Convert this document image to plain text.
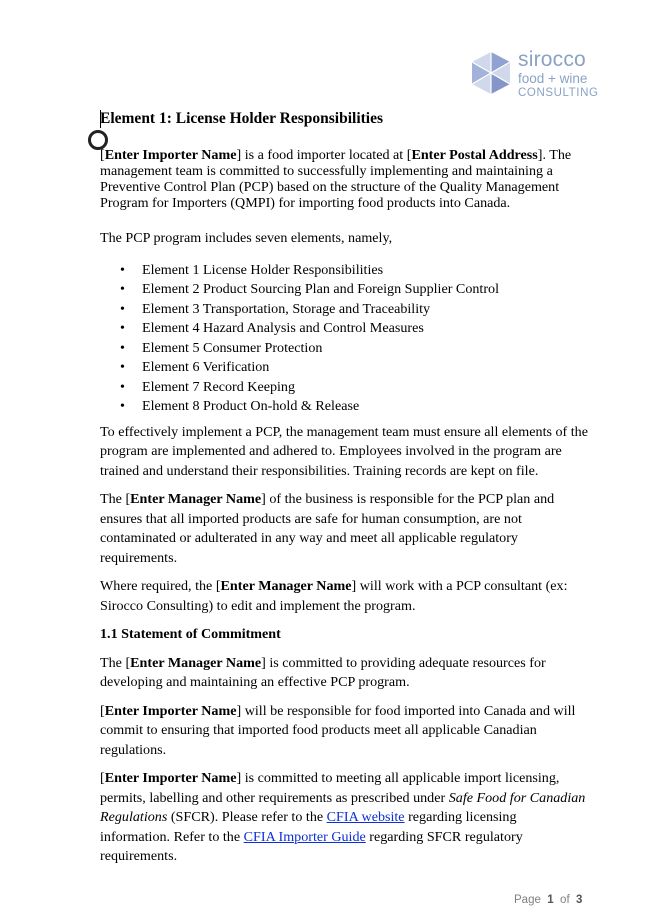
sirocco
food + wine
CONSULTING
Element 1: License Holder Responsibilities

[Enter Importer Name] is a food importer located at [Enter Postal Address]. The management team is committed to successfully implementing and maintaining a Preventive Control Plan (PCP) based on the structure of the Quality Management Program for Importers (QMPI) for importing food products into Canada.

The PCP program includes seven elements, namely,

• Element 1 License Holder Responsibilities
• Element 2 Product Sourcing Plan and Foreign Supplier Control
• Element 3 Transportation, Storage and Traceability
• Element 4 Hazard Analysis and Control Measures
• Element 5 Consumer Protection
• Element 6 Verification
• Element 7 Record Keeping
• Element 8 Product On-hold & Release

To effectively implement a PCP, the management team must ensure all elements of the program are implemented and adhered to. Employees involved in the program are trained and understand their responsibilities. Training records are kept on file.

The [Enter Manager Name] of the business is responsible for the PCP plan and ensures that all imported products are safe for human consumption, are not contaminated or adulterated in any way and meet all applicable regulatory requirements.

Where required, the [Enter Manager Name] will work with a PCP consultant (ex: Sirocco Consulting) to edit and implement the program.

1.1 Statement of Commitment

The [Enter Manager Name] is committed to providing adequate resources for developing and maintaining an effective PCP program.

[Enter Importer Name] will be responsible for food imported into Canada and will commit to ensuring that imported food products meet all applicable Canadian regulations.

[Enter Importer Name] is committed to meeting all applicable import licensing, permits, labelling and other requirements as prescribed under Safe Food for Canadian Regulations (SFCR). Please refer to the CFIA website regarding licensing information. Refer to the CFIA Importer Guide regarding SFCR regulatory requirements.

Page 1 of 3
